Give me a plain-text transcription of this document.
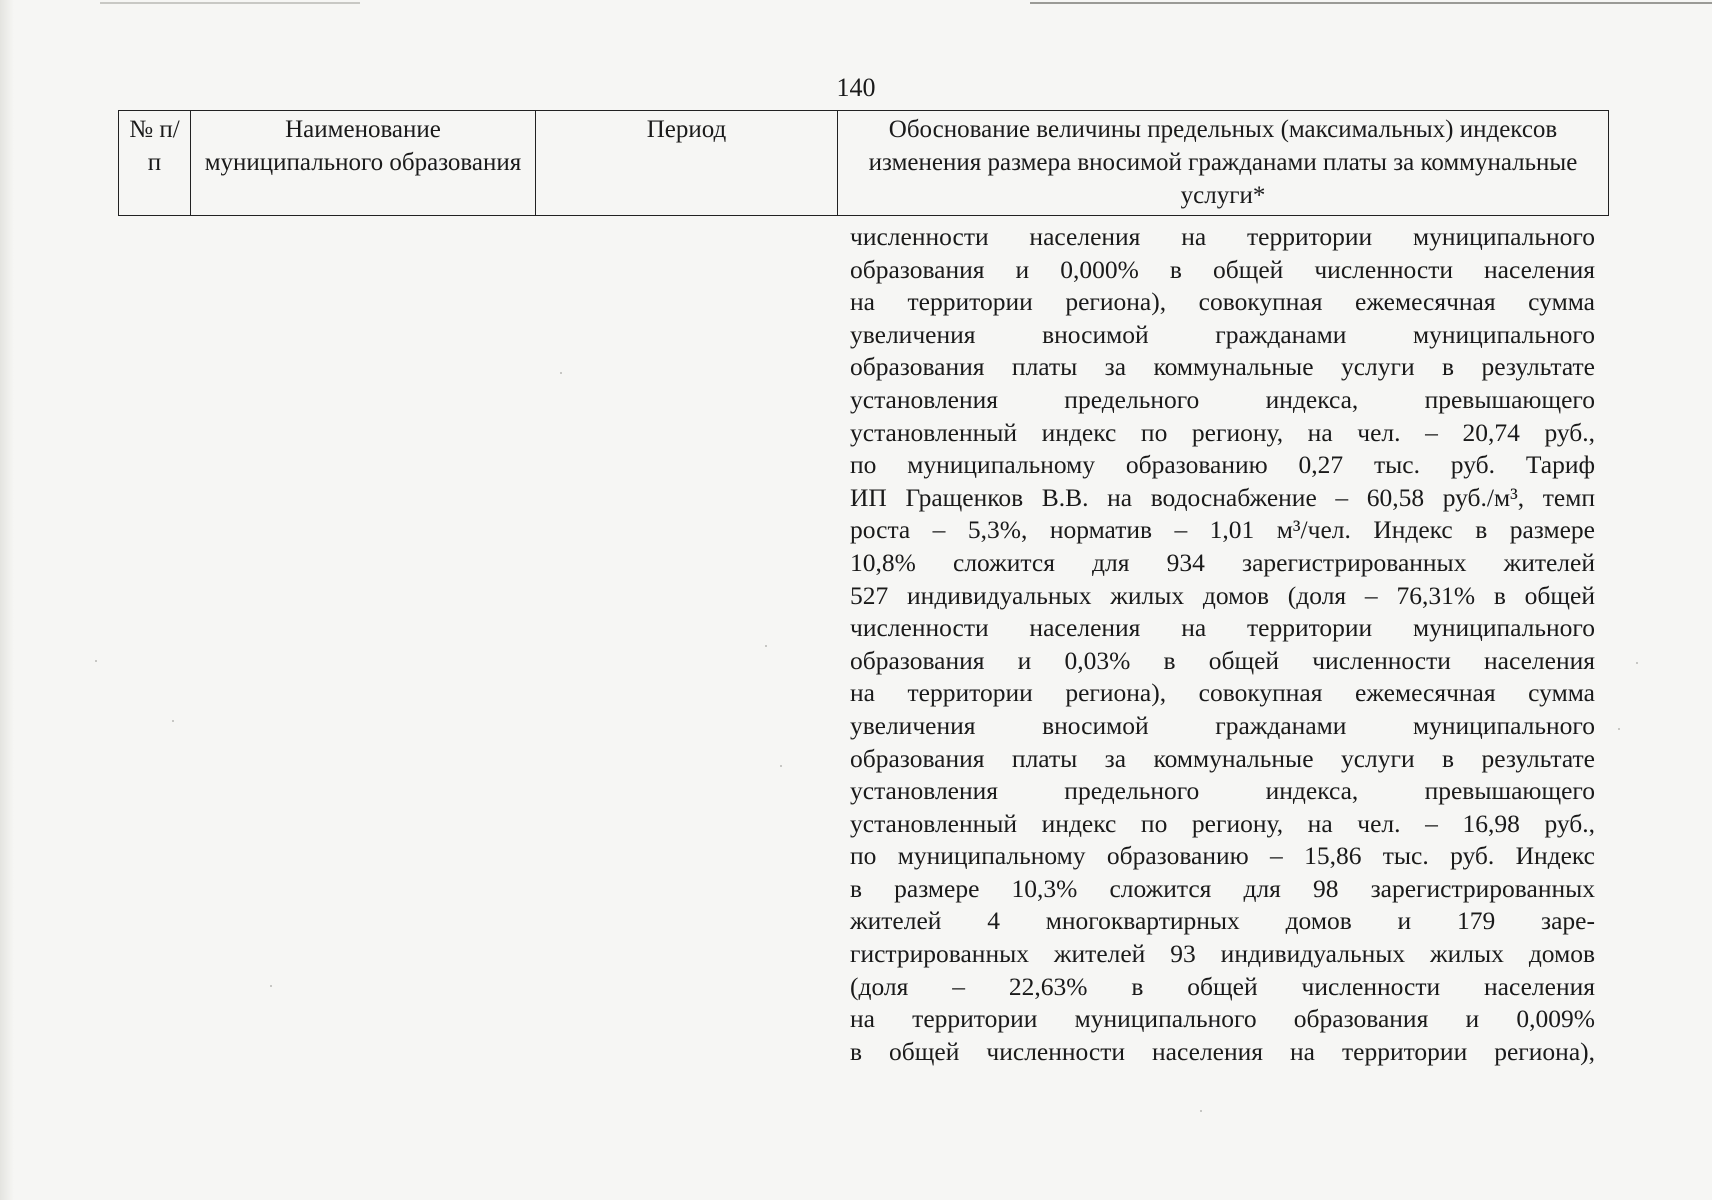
140
№ п/п	Наименование муниципального образования	Период	Обоснование величины предельных (максимальных) индексов изменения размера вносимой гражданами платы за коммунальные услуги*
численности населения на территории муниципального
образования и 0,000% в общей численности населения
на территории региона), совокупная ежемесячная сумма
увеличения вносимой гражданами муниципального
образования платы за коммунальные услуги в результате
установления предельного индекса, превышающего
установленный индекс по региону, на чел. – 20,74 руб.,
по муниципальному образованию 0,27 тыс. руб. Тариф
ИП Гращенков В.В. на водоснабжение – 60,58 руб./м³, темп
роста – 5,3%, норматив – 1,01 м³/чел. Индекс в размере
10,8% сложится для 934 зарегистрированных жителей
527 индивидуальных жилых домов (доля – 76,31% в общей
численности населения на территории муниципального
образования и 0,03% в общей численности населения
на территории региона), совокупная ежемесячная сумма
увеличения вносимой гражданами муниципального
образования платы за коммунальные услуги в результате
установления предельного индекса, превышающего
установленный индекс по региону, на чел. – 16,98 руб.,
по муниципальному образованию – 15,86 тыс. руб. Индекс
в размере 10,3% сложится для 98 зарегистрированных
жителей 4 многоквартирных домов и 179 заре-
гистрированных жителей 93 индивидуальных жилых домов
(доля – 22,63% в общей численности населения
на территории муниципального образования и 0,009%
в общей численности населения на территории региона),
